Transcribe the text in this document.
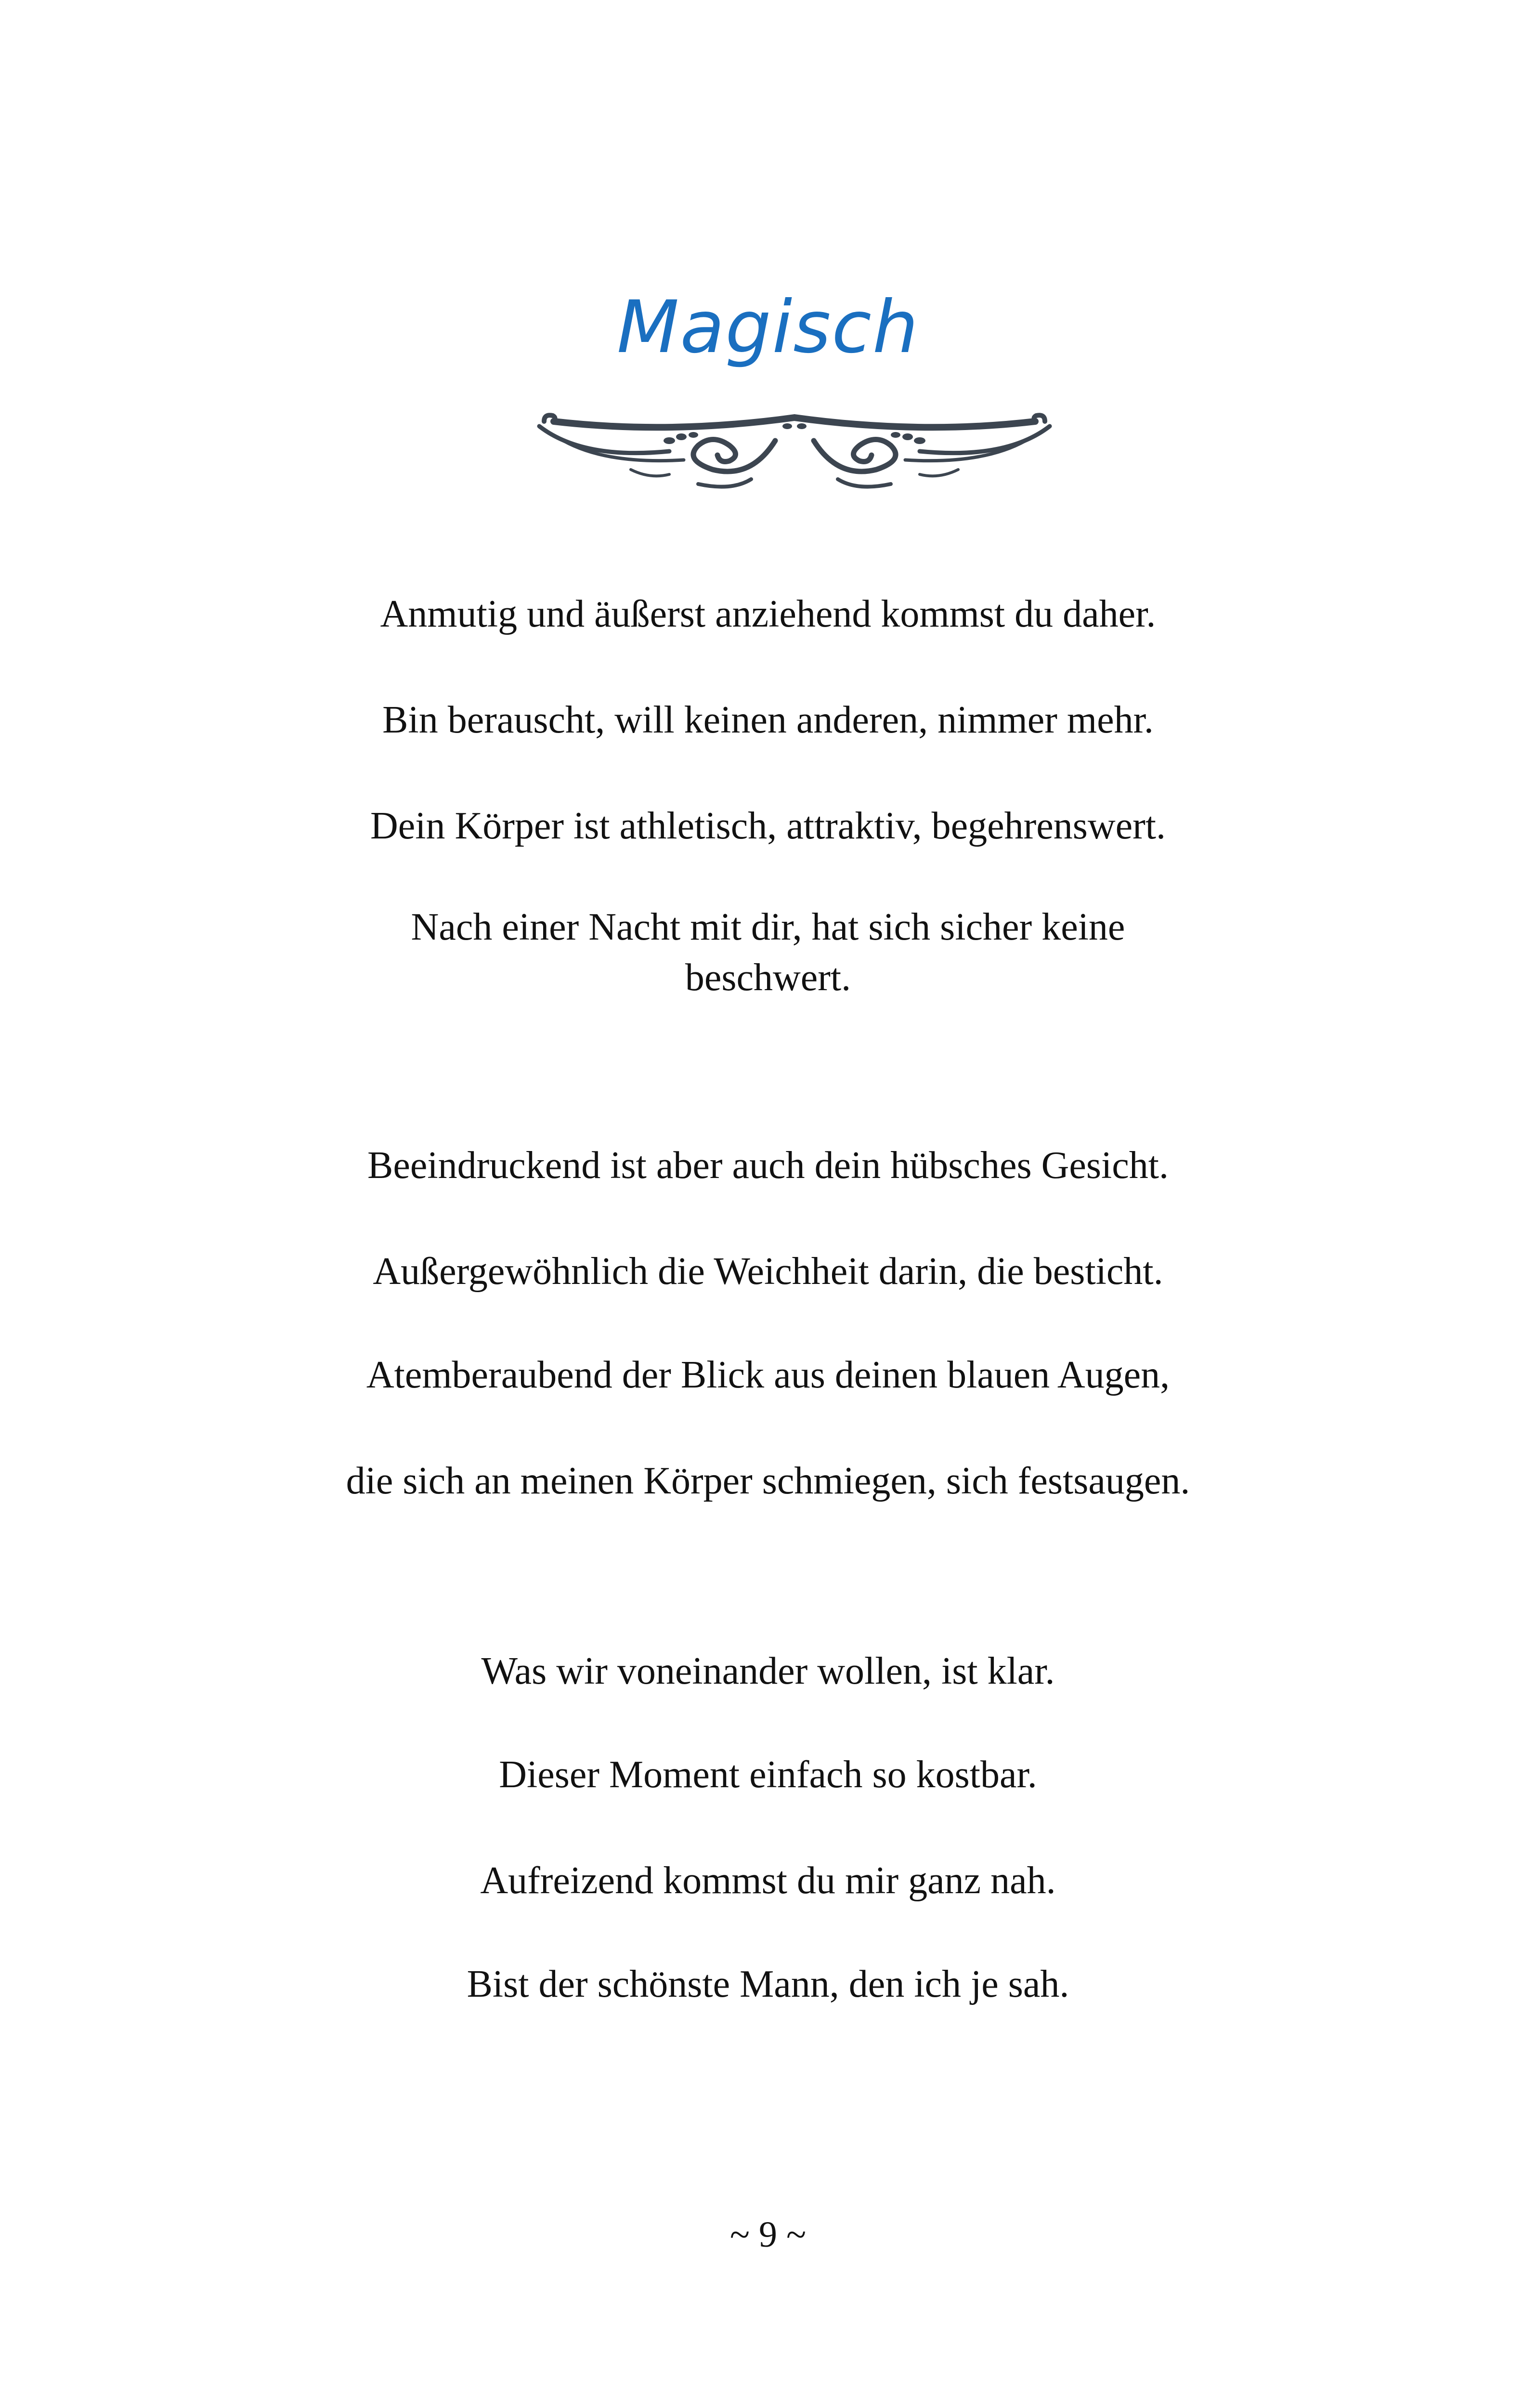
Magisch
Anmutig und äußerst anziehend kommst du daher.
Bin berauscht, will keinen anderen, nimmer mehr.
Dein Körper ist athletisch, attraktiv, begehrenswert.
Nach einer Nacht mit dir, hat sich sicher keine
beschwert.
Beeindruckend ist aber auch dein hübsches Gesicht.
Außergewöhnlich die Weichheit darin, die besticht.
Atemberaubend der Blick aus deinen blauen Augen,
die sich an meinen Körper schmiegen, sich festsaugen.
Was wir voneinander wollen, ist klar.
Dieser Moment einfach so kostbar.
Aufreizend kommst du mir ganz nah.
Bist der schönste Mann, den ich je sah.
~ 9 ~
